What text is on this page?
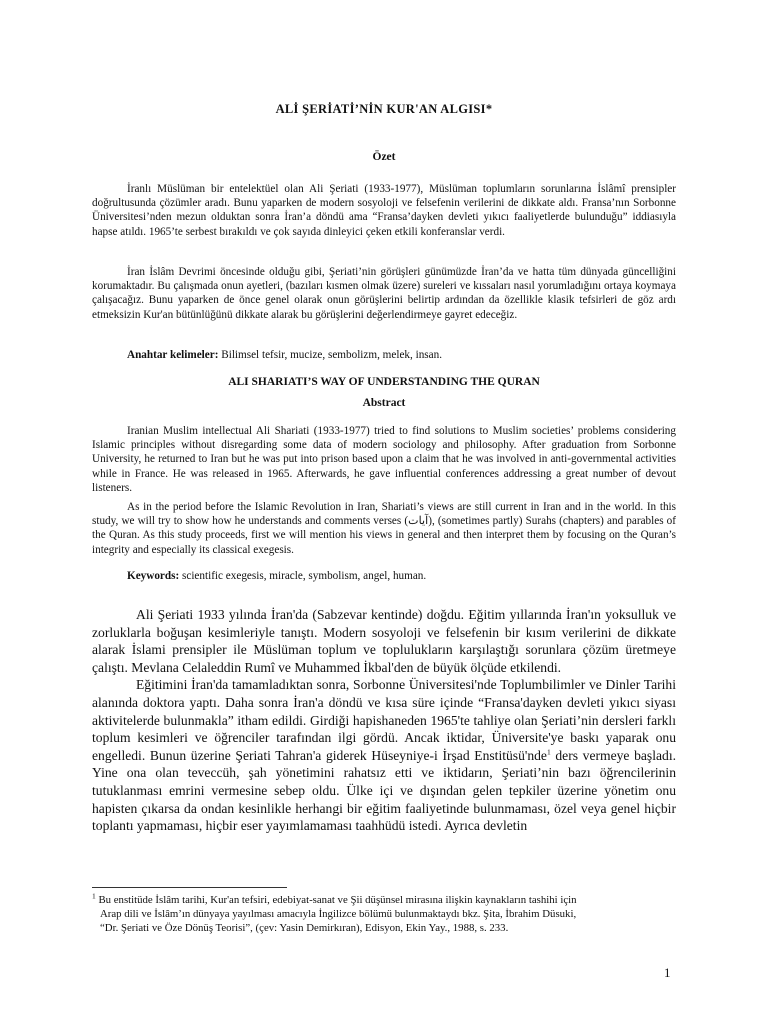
ALİ ŞERİATİ’NİN KUR'AN ALGISI*
Özet

İranlı Müslüman bir entelektüel olan Ali Şeriati (1933-1977), Müslüman toplumların sorunlarına İslâmî prensipler doğrultusunda çözümler aradı. Bunu yaparken de modern sosyoloji ve felsefenin verilerini de dikkate aldı. Fransa’nın Sorbonne Üniversitesi’nden mezun olduktan sonra İran’a döndü ama “Fransa’dayken devleti yıkıcı faaliyetlerde bulunduğu” iddiasıyla hapse atıldı. 1965’te serbest bırakıldı ve çok sayıda dinleyici çeken etkili konferanslar verdi.

İran İslâm Devrimi öncesinde olduğu gibi, Şeriati’nin görüşleri günümüzde İran’da ve hatta tüm dünyada güncelliğini korumaktadır. Bu çalışmada onun ayetleri, (bazıları kısmen olmak üzere) sureleri ve kıssaları nasıl yorumladığını ortaya koymaya çalışacağız. Bunu yaparken de önce genel olarak onun görüşlerini belirtip ardından da özellikle klasik tefsirleri de göz ardı etmeksizin Kur'an bütünlüğünü dikkate alarak bu görüşlerini değerlendirmeye gayret edeceğiz.

Anahtar kelimeler: Bilimsel tefsir, mucize, sembolizm, melek, insan.
ALI SHARIATI’S WAY OF UNDERSTANDING THE QURAN
Abstract

Iranian Muslim intellectual Ali Shariati (1933-1977) tried to find solutions to Muslim societies’ problems considering Islamic principles without disregarding some data of modern sociology and philosophy. After graduation from Sorbonne University, he returned to Iran but he was put into prison based upon a claim that he was involved in anti-governmental activities while in France. He was released in 1965. Afterwards, he gave influential conferences addressing a great number of devout listeners.

As in the period before the Islamic Revolution in Iran, Shariati’s views are still current in Iran and in the world. In this study, we will try to show how he understands and comments verses (آيات), (sometimes partly) Surahs (chapters) and parables of the Quran. As this study proceeds, first we will mention his views in general and then interpret them by focusing on the Quran’s integrity and especially its classical exegesis.

Keywords: scientific exegesis, miracle, symbolism, angel, human.

Ali Şeriati 1933 yılında İran'da (Sabzevar kentinde) doğdu. Eğitim yıllarında İran'ın yoksulluk ve zorluklarla boğuşan kesimleriyle tanıştı. Modern sosyoloji ve felsefenin bir kısım verilerini de dikkate alarak İslami prensipler ile Müslüman toplum ve toplulukların karşılaştığı sorunlara çözüm üretmeye çalıştı. Mevlana Celaleddin Rumî ve Muhammed İkbal'den de büyük ölçüde etkilendi.

Eğitimini İran'da tamamladıktan sonra, Sorbonne Üniversitesi'nde Toplumbilimler ve Dinler Tarihi alanında doktora yaptı. Daha sonra İran'a döndü ve kısa süre içinde “Fransa'dayken devleti yıkıcı siyası aktivitelerde bulunmakla” itham edildi. Girdiği hapishaneden 1965'te tahliye olan Şeriati’nin dersleri farklı toplum kesimleri ve öğrenciler tarafından ilgi gördü. Ancak iktidar, Üniversite'ye baskı yaparak onu engelledi. Bunun üzerine Şeriati Tahran'a giderek Hüseyniye-i İrşad Enstitüsü'nde$^1$ ders vermeye başladı. Yine ona olan teveccüh, şah yönetimini rahatsız etti ve iktidarın, Şeriati’nin bazı öğrencilerinin tutuklanması emrini vermesine sebep oldu. Ülke içi ve dışından gelen tepkiler üzerine yönetim onu hapisten çıkarsa da ondan kesinlikle herhangi bir eğitim faaliyetinde bulunmaması, özel veya genel hiçbir toplantı yapmaması, hiçbir eser yayımlamaması taahhüdü istedi. Ayrıca devletin

$^1$ Bu enstitüde İslâm tarihi, Kur'an tefsiri, edebiyat-sanat ve Şii düşünsel mirasına ilişkin kaynakların tashihi için
Arap dili ve İslâm’ın dünyaya yayılması amacıyla İngilizce bölümü bulunmaktaydı bkz. Şita, İbrahim Düsuki,
“Dr. Şeriati ve Öze Dönüş Teorisi”, (çev: Yasin Demirkıran), Edisyon, Ekin Yay., 1988, s. 233.

1
